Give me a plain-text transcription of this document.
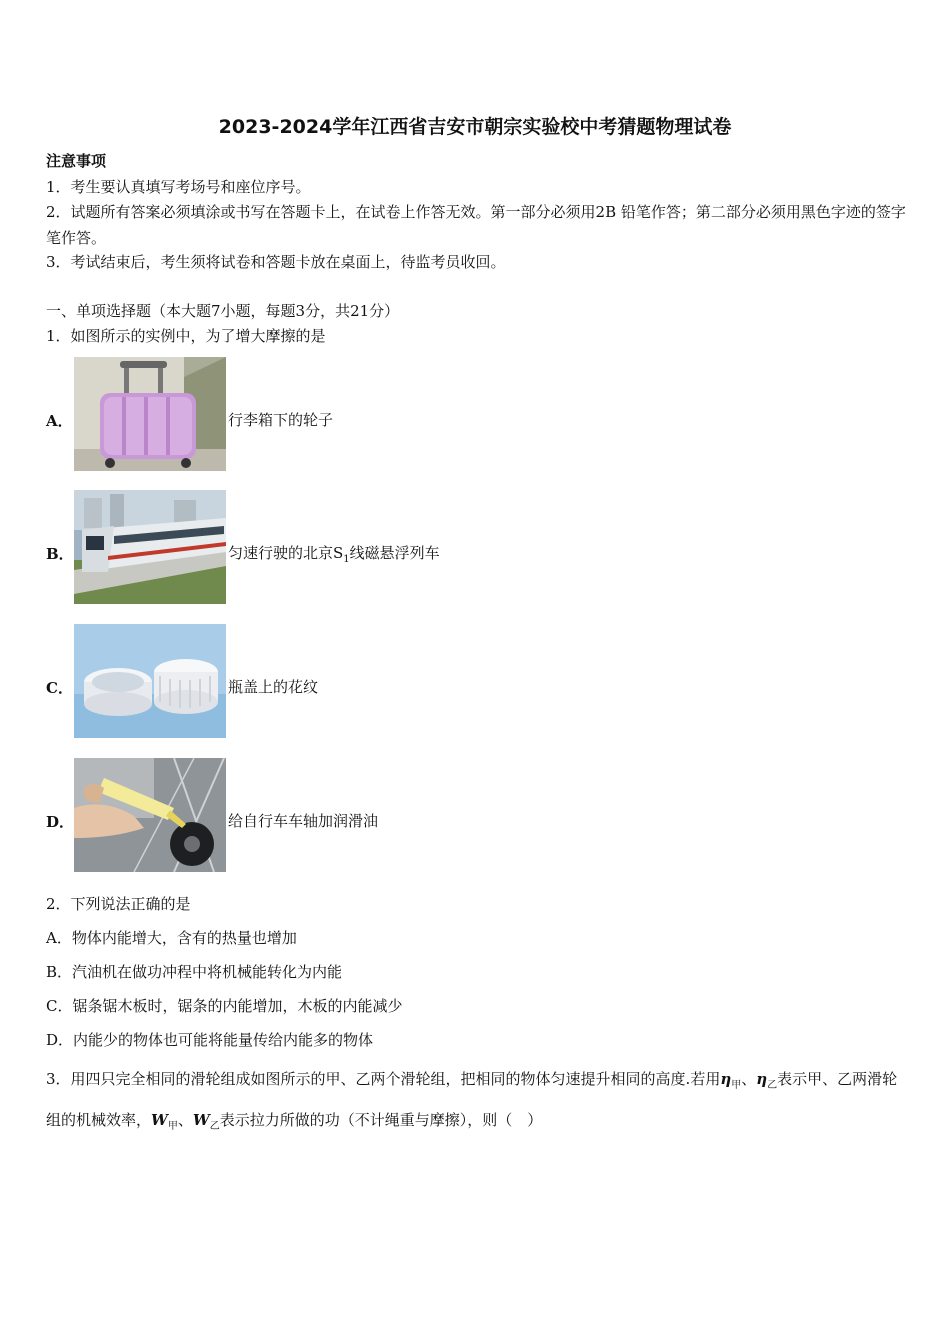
2023-2024学年江西省吉安市朝宗实验校中考猜题物理试卷
注意事项
1．考生要认真填写考场号和座位序号。
2．试题所有答案必须填涂或书写在答题卡上，在试卷上作答无效。第一部分必须用2B 铅笔作答；第二部分必须用黑色字迹的签字笔作答。
3．考试结束后，考生须将试卷和答题卡放在桌面上，待监考员收回。
一、单项选择题（本大题7小题，每题3分，共21分）
1．如图所示的实例中，为了增大摩擦的是
A．	行李箱下的轮子
B．	匀速行驶的北京$S_1$线磁悬浮列车
C．	瓶盖上的花纹
D．	给自行车车轴加润滑油
2．下列说法正确的是
A．物体内能增大，含有的热量也增加
B．汽油机在做功冲程中将机械能转化为内能
C．锯条锯木板时，锯条的内能增加，木板的内能减少
D．内能少的物体也可能将能量传给内能多的物体
3．用四只完全相同的滑轮组成如图所示的甲、乙两个滑轮组，把相同的物体匀速提升相同的高度.若用$\eta_甲$、$\eta_乙$表示甲、乙两滑轮组的机械效率，$W_甲$、$W_乙$表示拉力所做的功（不计绳重与摩擦），则（　）
